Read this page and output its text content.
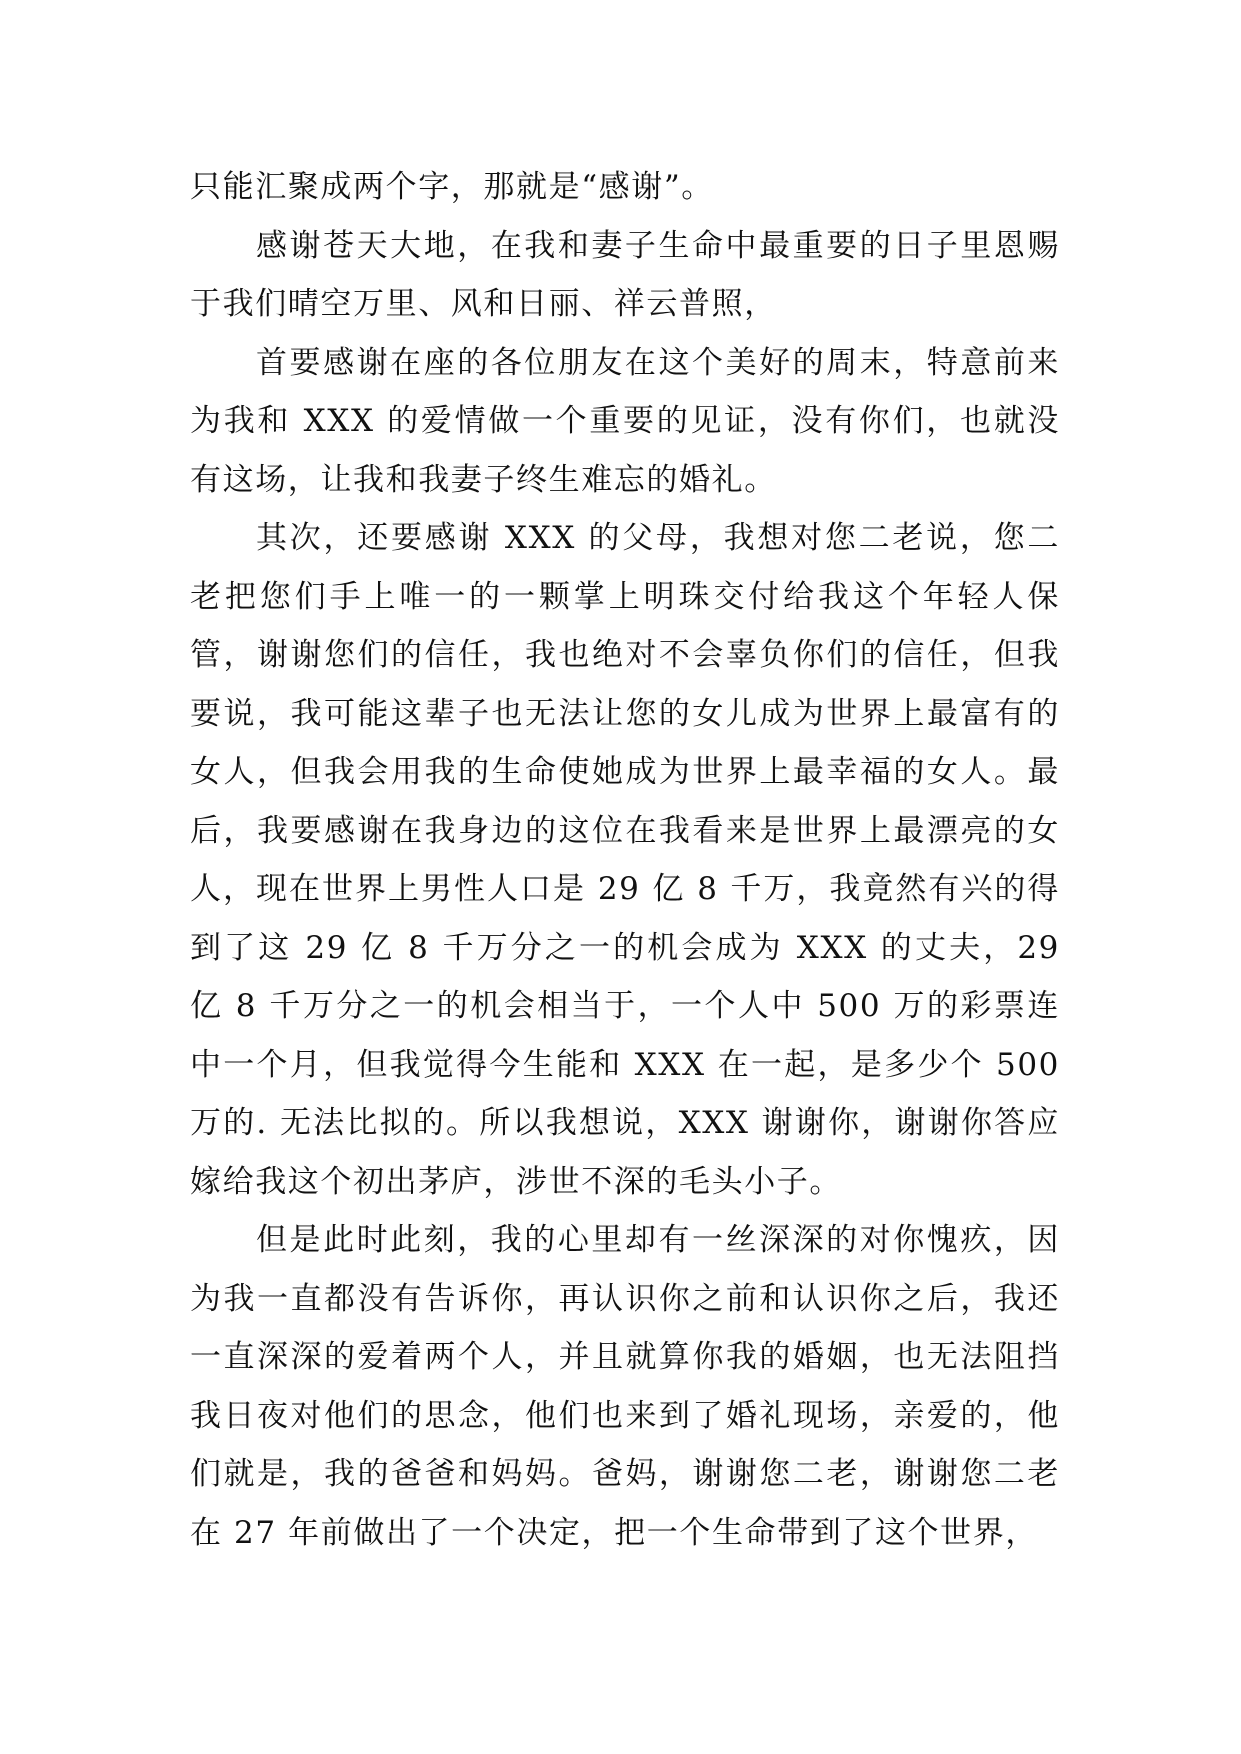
只能汇聚成两个字，那就是“感谢”。

感谢苍天大地，在我和妻子生命中最重要的日子里恩赐于我们晴空万里、风和日丽、祥云普照，

首要感谢在座的各位朋友在这个美好的周末，特意前来为我和 XXX 的爱情做一个重要的见证，没有你们，也就没有这场，让我和我妻子终生难忘的婚礼。

其次，还要感谢 XXX 的父母，我想对您二老说，您二老把您们手上唯一的一颗掌上明珠交付给我这个年轻人保管，谢谢您们的信任，我也绝对不会辜负你们的信任，但我要说，我可能这辈子也无法让您的女儿成为世界上最富有的女人，但我会用我的生命使她成为世界上最幸福的女人。最后，我要感谢在我身边的这位在我看来是世界上最漂亮的女人，现在世界上男性人口是 29 亿 8 千万，我竟然有兴的得到了这 29 亿 8 千万分之一的机会成为 XXX 的丈夫，29 亿 8 千万分之一的机会相当于，一个人中 500 万的彩票连中一个月，但我觉得今生能和 XXX 在一起，是多少个 500 万的. 无法比拟的。所以我想说，XXX 谢谢你，谢谢你答应嫁给我这个初出茅庐，涉世不深的毛头小子。

但是此时此刻，我的心里却有一丝深深的对你愧疚，因为我一直都没有告诉你，再认识你之前和认识你之后，我还一直深深的爱着两个人，并且就算你我的婚姻，也无法阻挡我日夜对他们的思念，他们也来到了婚礼现场，亲爱的，他们就是，我的爸爸和妈妈。爸妈，谢谢您二老，谢谢您二老在 27 年前做出了一个决定，把一个生命带到了这个世界，
